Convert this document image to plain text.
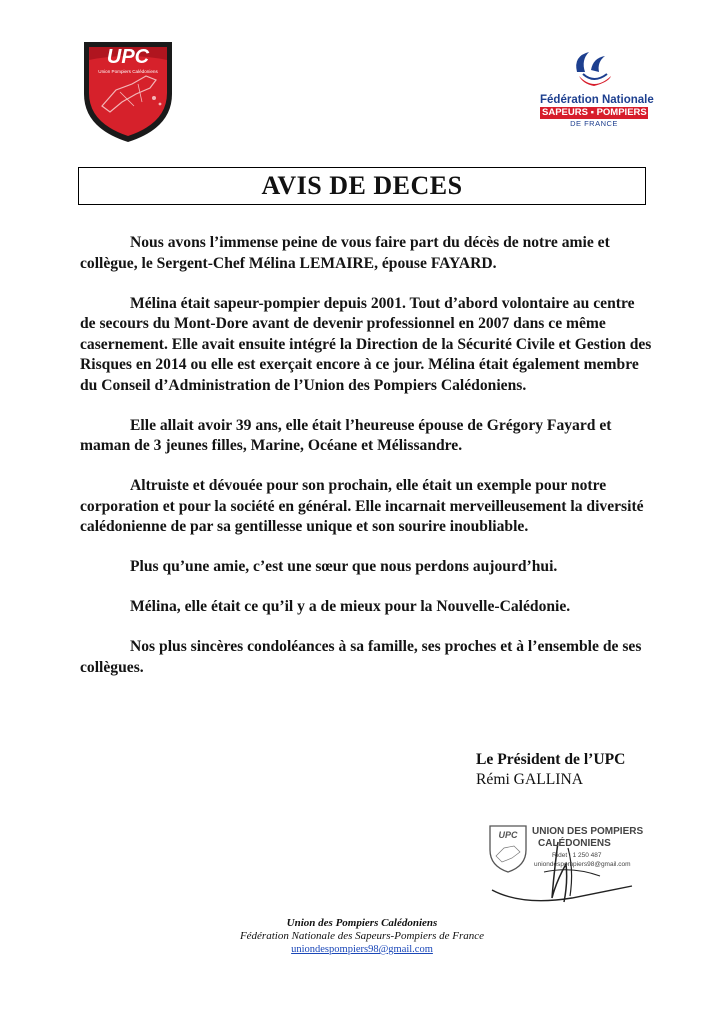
UPC
Union Pompiers Calédoniens
Fédération Nationale
SAPEURS ▪ POMPIERS
DE FRANCE
AVIS DE DECES

Nous avons l’immense peine de vous faire part du décès de notre amie et collègue, le Sergent-Chef Mélina LEMAIRE, épouse FAYARD.

Mélina était sapeur-pompier depuis 2001. Tout d’abord volontaire au centre de secours du Mont-Dore avant de devenir professionnel en 2007 dans ce même casernement. Elle avait ensuite intégré la Direction de la Sécurité Civile et Gestion des Risques en 2014 ou elle est exerçait encore à ce jour. Mélina était également membre du Conseil d’Administration de l’Union des Pompiers Calédoniens.

Elle allait avoir 39 ans, elle était l’heureuse épouse de Grégory Fayard et maman de 3 jeunes filles, Marine, Océane et Mélissandre.

Altruiste et dévouée pour son prochain, elle était un exemple pour notre corporation et pour la société en général. Elle incarnait merveilleusement la diversité calédonienne de par sa gentillesse unique et son sourire inoubliable.

Plus qu’une amie, c’est une sœur que nous perdons aujourd’hui.

Mélina, elle était ce qu’il y a de mieux pour la Nouvelle-Calédonie.

Nos plus sincères condoléances à sa famille, ses proches et à l’ensemble de ses collègues.

Le Président de l’UPC
Rémi GALLINA
UPC UNION DES POMPIERS
CALÉDONIENS
Ridet : 1 250 487
uniondespompiers98@gmail.com
Union des Pompiers Calédoniens
Fédération Nationale des Sapeurs-Pompiers de France
uniondespompiers98@gmail.com
